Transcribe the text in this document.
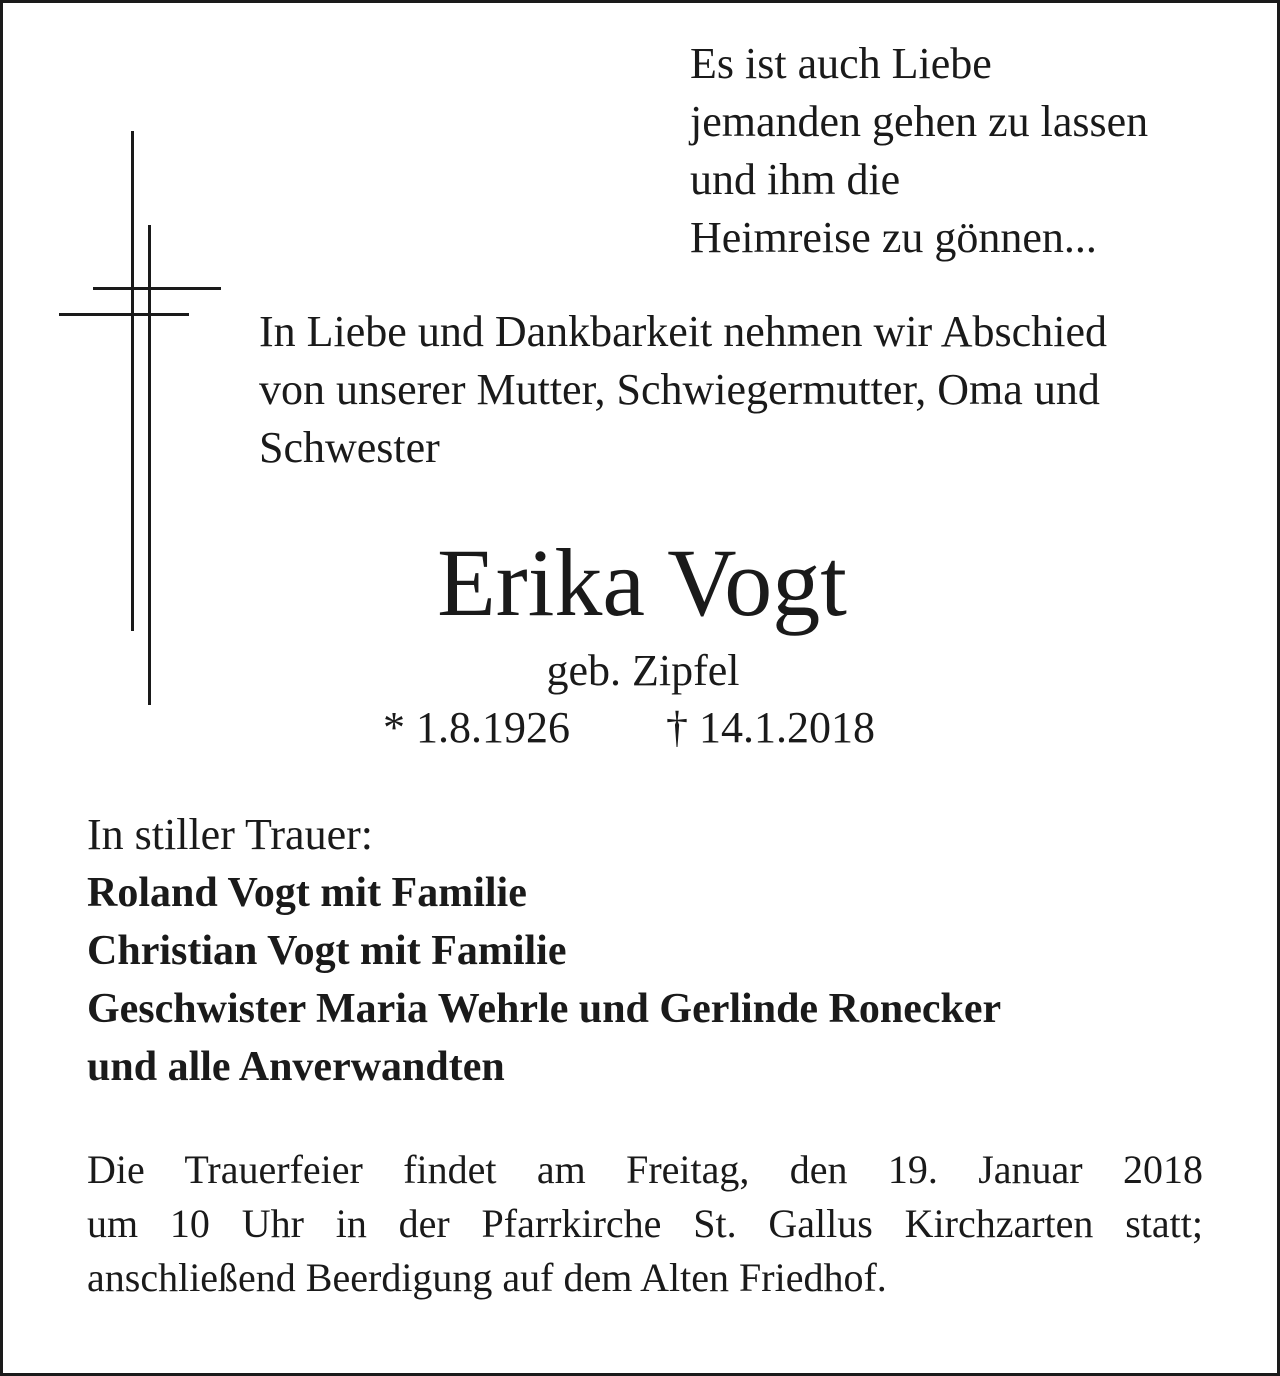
Es ist auch Liebe
jemanden gehen zu lassen
und ihm die
Heimreise zu gönnen...
In Liebe und Dankbarkeit nehmen wir Abschied
von unserer Mutter, Schwiegermutter, Oma und
Schwester
Erika Vogt
geb. Zipfel
* 1.8.1926 † 14.1.2018
In stiller Trauer:
Roland Vogt mit Familie
Christian Vogt mit Familie
Geschwister Maria Wehrle und Gerlinde Ronecker
und alle Anverwandten
Die Trauerfeier findet am Freitag, den 19. Januar 2018
um 10 Uhr in der Pfarrkirche St. Gallus Kirchzarten statt;
anschließend Beerdigung auf dem Alten Friedhof.
